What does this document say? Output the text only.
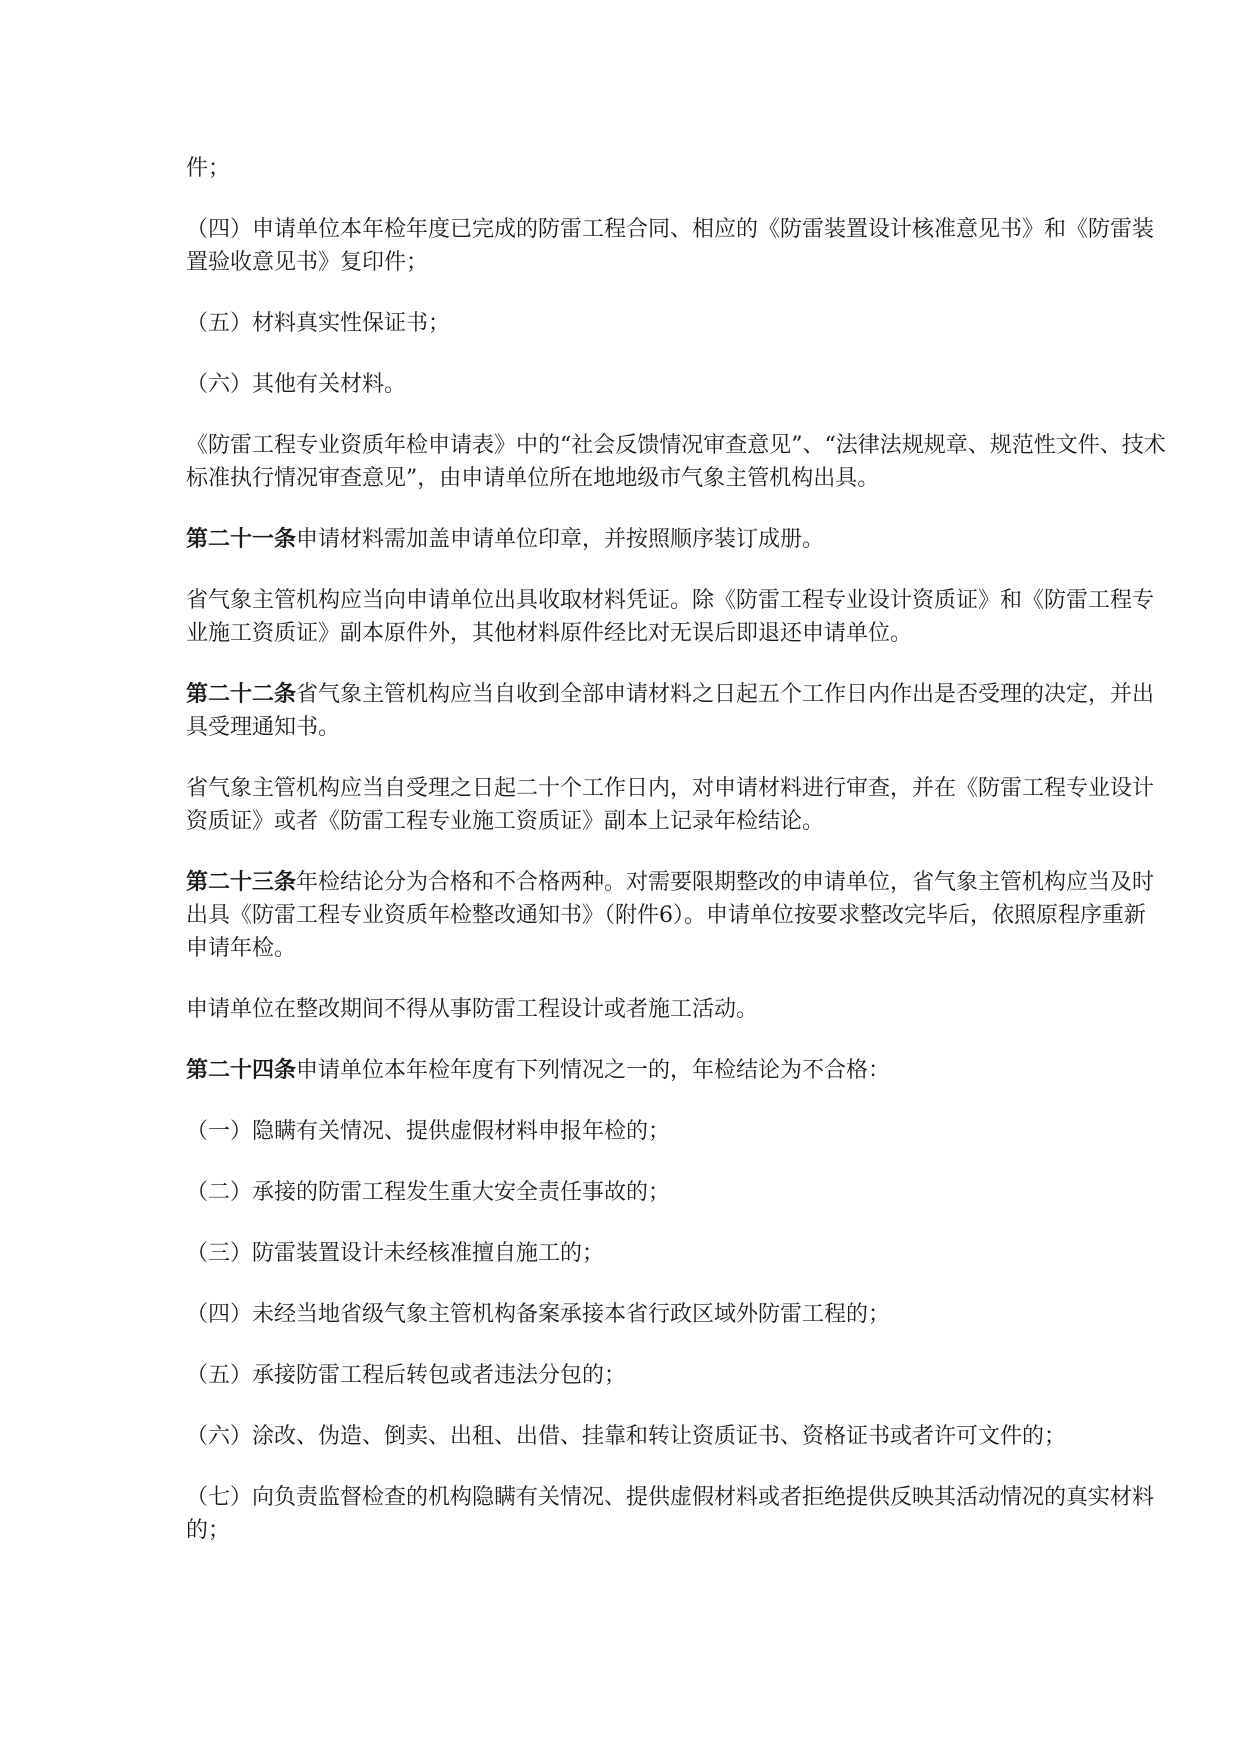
件；

（四）申请单位本年检年度已完成的防雷工程合同、相应的《防雷装置设计核准意见书》和《防雷装置验收意见书》复印件；

（五）材料真实性保证书；

（六）其他有关材料。

《防雷工程专业资质年检申请表》中的“社会反馈情况审查意见”、“法律法规规章、规范性文件、技术标准执行情况审查意见”，由申请单位所在地地级市气象主管机构出具。

第二十一条申请材料需加盖申请单位印章，并按照顺序装订成册。

省气象主管机构应当向申请单位出具收取材料凭证。除《防雷工程专业设计资质证》和《防雷工程专业施工资质证》副本原件外，其他材料原件经比对无误后即退还申请单位。

第二十二条省气象主管机构应当自收到全部申请材料之日起五个工作日内作出是否受理的决定，并出具受理通知书。

省气象主管机构应当自受理之日起二十个工作日内，对申请材料进行审查，并在《防雷工程专业设计资质证》或者《防雷工程专业施工资质证》副本上记录年检结论。

第二十三条年检结论分为合格和不合格两种。对需要限期整改的申请单位，省气象主管机构应当及时出具《防雷工程专业资质年检整改通知书》（附件6）。申请单位按要求整改完毕后，依照原程序重新申请年检。

申请单位在整改期间不得从事防雷工程设计或者施工活动。

第二十四条申请单位本年检年度有下列情况之一的，年检结论为不合格：

（一）隐瞒有关情况、提供虚假材料申报年检的；

（二）承接的防雷工程发生重大安全责任事故的；

（三）防雷装置设计未经核准擅自施工的；

（四）未经当地省级气象主管机构备案承接本省行政区域外防雷工程的；

（五）承接防雷工程后转包或者违法分包的；

（六）涂改、伪造、倒卖、出租、出借、挂靠和转让资质证书、资格证书或者许可文件的；

（七）向负责监督检查的机构隐瞒有关情况、提供虚假材料或者拒绝提供反映其活动情况的真实材料的；
